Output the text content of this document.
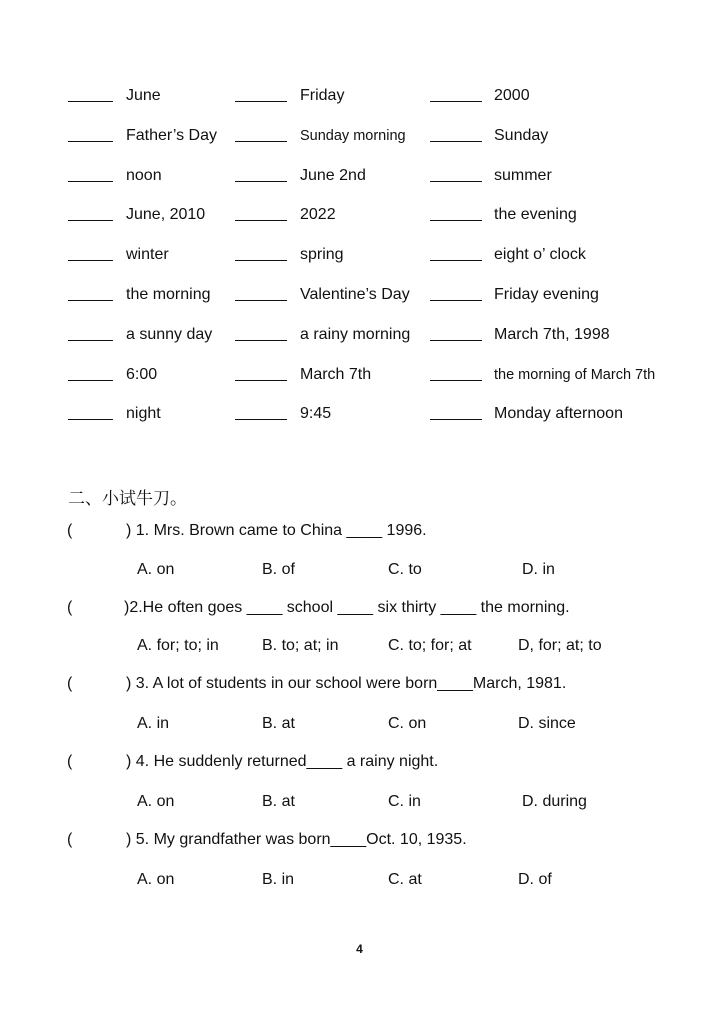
June	Friday	2000
Father’s Day	Sunday morning	Sunday
noon	June 2nd	summer
June, 2010	2022	the evening
winter	spring	eight o’ clock
the morning	Valentine’s Day	Friday evening
a sunny day	a rainy morning	March 7th, 1998
6:00	March 7th	the morning of March 7th
night	9:45	Monday afternoon
二、小试牛刀。
(	) 1. Mrs. Brown came to China ____ 1996.
A. on	B. of	C. to	D. in
(	)2.He often goes ____ school ____ six thirty ____ the morning.
A. for; to; in	B. to; at; in	C. to; for; at	D, for; at; to
(	) 3. A lot of students in our school were born____March, 1981.
A. in	B. at	C. on	D. since
(	) 4. He suddenly returned____ a rainy night.
A. on	B. at	C. in	D. during
(	) 5. My grandfather was born____Oct. 10, 1935.
A. on	B. in	C. at	D. of
4
